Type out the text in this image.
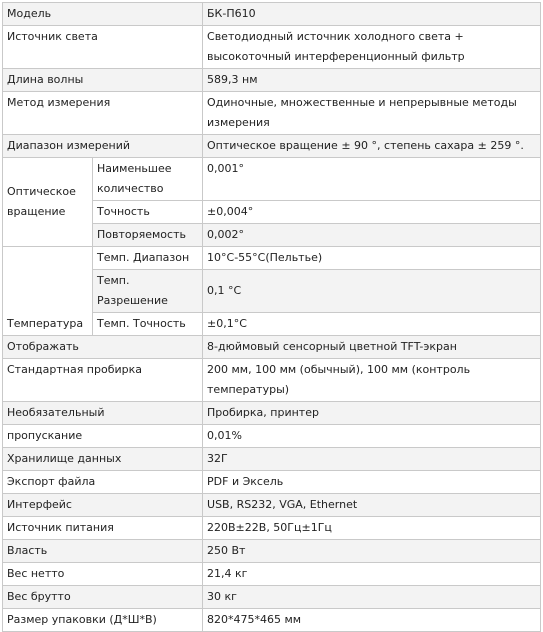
Модель		БК-П610
Источник света		Светодиодный источник холодного света + высокоточный интерференционный фильтр
Длина волны		589,3 нм
Метод измерения		Одиночные, множественные и непрерывные методы измерения
Диапазон измерений		Оптическое вращение ± 90 °, степень сахара ± 259 °.
Оптическое вращение	Наименьшее количество	0,001°
	Точность	±0,004°
	Повторяемость	0,002°
Температура	Темп. Диапазон	10°C-55°C(Пельтье)
	Темп. Разрешение	0,1 °C
	Темп. Точность	±0,1°C
Отображать		8-дюймовый сенсорный цветной TFT-экран
Стандартная пробирка		200 мм, 100 мм (обычный), 100 мм (контроль температуры)
Необязательный		Пробирка, принтер
пропускание		0,01%
Хранилище данных		32Г
Экспорт файла		PDF и Эксель
Интерфейс		USB, RS232, VGA, Ethernet
Источник питания		220В±22В, 50Гц±1Гц
Власть		250 Вт
Вес нетто		21,4 кг
Вес брутто		30 кг
Размер упаковки (Д*Ш*В)		820*475*465 мм
